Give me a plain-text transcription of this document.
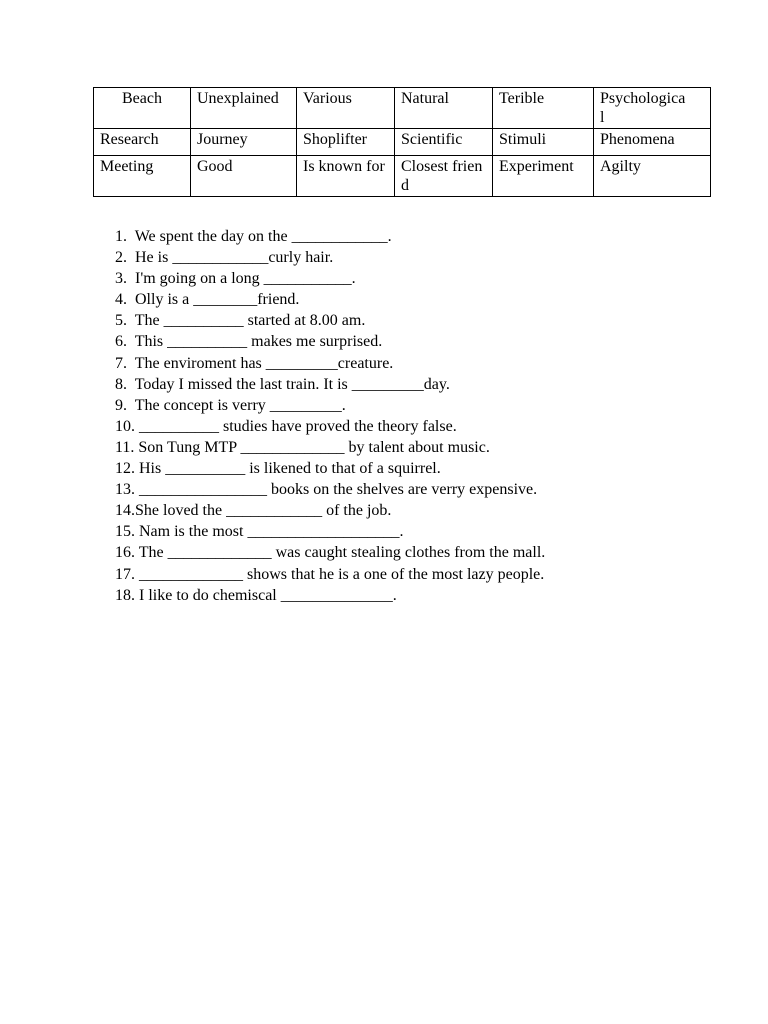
Beach	Unexplained	Various	Natural	Terible	Psychologica
l
Research	Journey	Shoplifter	Scientific	Stimuli	Phenomena
Meeting	Good	Is known for	Closest friend	Experiment	Agilty
1.  We spent the day on the ____________.
2.  He is ____________curly hair.
3.  I'm going on a long ___________.
4.  Olly is a ________friend.
5.  The __________ started at 8.00 am.
6.  This __________ makes me surprised.
7.  The enviroment has _________creature.
8.  Today I missed the last train. It is _________day.
9.  The concept is verry _________.
10. __________ studies have proved the theory false.
11. Son Tung MTP _____________ by talent about music.
12. His __________ is likened to that of a squirrel.
13. ________________ books on the shelves are verry expensive.
14.She loved the ____________ of the job.
15. Nam is the most ___________________.
16. The _____________ was caught stealing clothes from the mall.
17. _____________ shows that he is a one of the most lazy people.
18. I like to do chemiscal ______________.
